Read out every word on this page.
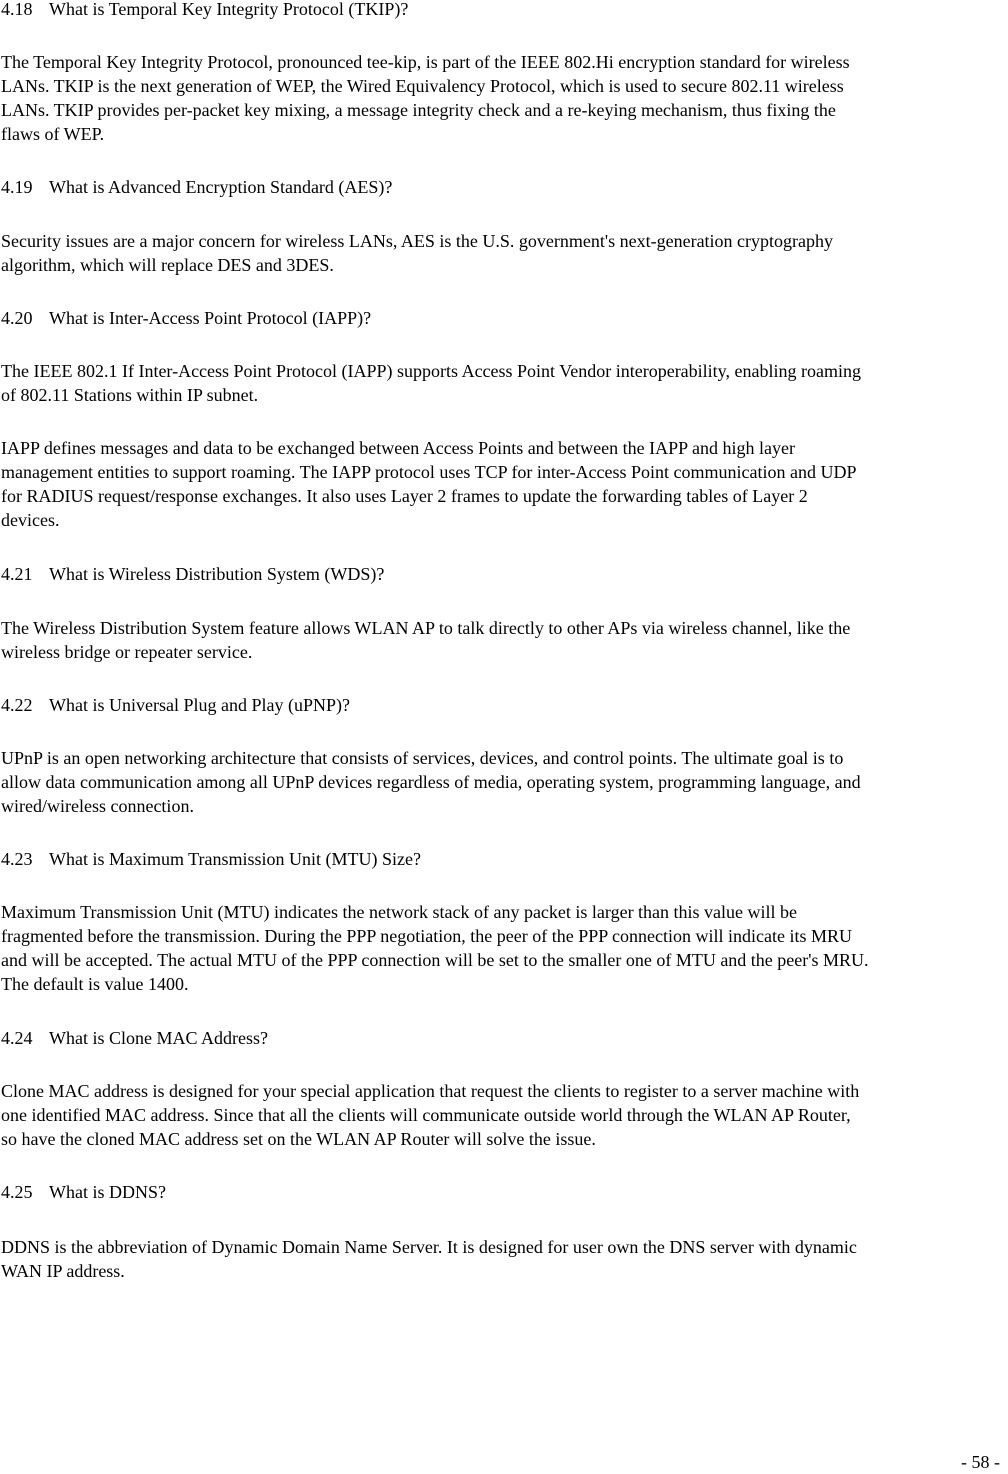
4.18 What is Temporal Key Integrity Protocol (TKIP)?

The Temporal Key Integrity Protocol, pronounced tee-kip, is part of the IEEE 802.Hi encryption standard for wireless
LANs. TKIP is the next generation of WEP, the Wired Equivalency Protocol, which is used to secure 802.11 wireless
LANs. TKIP provides per-packet key mixing, a message integrity check and a re-keying mechanism, thus fixing the
flaws of WEP.

4.19 What is Advanced Encryption Standard (AES)?

Security issues are a major concern for wireless LANs, AES is the U.S. government's next-generation cryptography
algorithm, which will replace DES and 3DES.

4.20 What is Inter-Access Point Protocol (IAPP)?

The IEEE 802.1 If Inter-Access Point Protocol (IAPP) supports Access Point Vendor interoperability, enabling roaming
of 802.11 Stations within IP subnet.

IAPP defines messages and data to be exchanged between Access Points and between the IAPP and high layer
management entities to support roaming. The IAPP protocol uses TCP for inter-Access Point communication and UDP
for RADIUS request/response exchanges. It also uses Layer 2 frames to update the forwarding tables of Layer 2
devices.

4.21 What is Wireless Distribution System (WDS)?

The Wireless Distribution System feature allows WLAN AP to talk directly to other APs via wireless channel, like the
wireless bridge or repeater service.

4.22 What is Universal Plug and Play (uPNP)?

UPnP is an open networking architecture that consists of services, devices, and control points. The ultimate goal is to
allow data communication among all UPnP devices regardless of media, operating system, programming language, and
wired/wireless connection.

4.23 What is Maximum Transmission Unit (MTU) Size?

Maximum Transmission Unit (MTU) indicates the network stack of any packet is larger than this value will be
fragmented before the transmission. During the PPP negotiation, the peer of the PPP connection will indicate its MRU
and will be accepted. The actual MTU of the PPP connection will be set to the smaller one of MTU and the peer's MRU.
The default is value 1400.

4.24 What is Clone MAC Address?

Clone MAC address is designed for your special application that request the clients to register to a server machine with
one identified MAC address. Since that all the clients will communicate outside world through the WLAN AP Router,
so have the cloned MAC address set on the WLAN AP Router will solve the issue.

4.25 What is DDNS?

DDNS is the abbreviation of Dynamic Domain Name Server. It is designed for user own the DNS server with dynamic
WAN IP address.

- 58 -
